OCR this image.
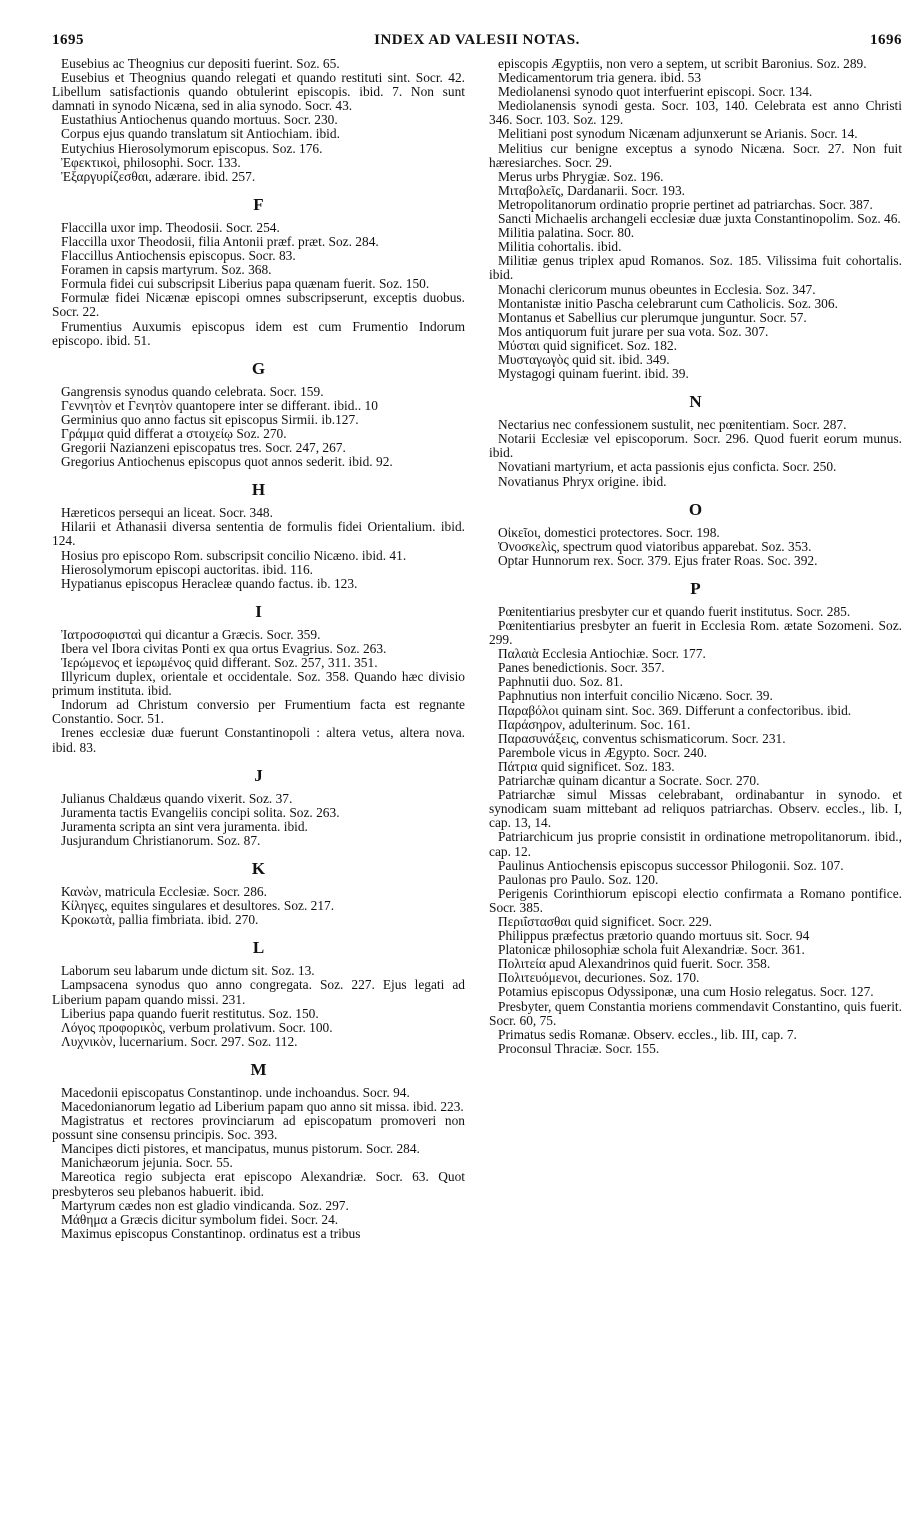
1695	INDEX AD VALESII NOTAS.	1696
Eusebius ac Theognius cur depositi fuerint. Soz. 65.
Eusebius et Theognius quando relegati et quando restituti sint. Socr. 42. Libellum satisfactionis quando obtulerint episcopis. ibid. 7. Non sunt damnati in synodo Nicæna, sed in alia synodo. Socr. 43.
Eustathius Antiochenus quando mortuus. Socr. 230.
Corpus ejus quando translatum sit Antiochiam. ibid.
Eutychius Hierosolymorum episcopus. Soz. 176.
Ἐφεκτικοὶ, philosophi. Socr. 133.
Ἐξαργυρίζεσθαι, adærare. ibid. 257.
F
Flaccilla uxor imp. Theodosii. Socr. 254.
Flaccilla uxor Theodosii, filia Antonii præf. præt. Soz. 284.
Flaccillus Antiochensis episcopus. Socr. 83.
Foramen in capsis martyrum. Soz. 368.
Formula fidei cui subscripsit Liberius papa quænam fuerit. Soz. 150.
Formulæ fidei Nicænæ episcopi omnes subscripserunt, exceptis duobus. Socr. 22.
Frumentius Auxumis episcopus idem est cum Frumentio Indorum episcopo. ibid. 51.
G
Gangrensis synodus quando celebrata. Socr. 159.
Γεννητὸν et Γενητὸν quantopere inter se differant. ibid.. 10
Germinius quo anno factus sit episcopus Sirmii. ib.127.
Γράμμα quid differat a στοιχείῳ Soz. 270.
Gregorii Nazianzeni episcopatus tres. Socr. 247, 267.
Gregorius Antiochenus episcopus quot annos sederit. ibid. 92.
H
Hæreticos persequi an liceat. Socr. 348.
Hilarii et Athanasii diversa sententia de formulis fidei Orientalium. ibid. 124.
Hosius pro episcopo Rom. subscripsit concilio Nicæno. ibid. 41.
Hierosolymorum episcopi auctoritas. ibid. 116.
Hypatianus episcopus Heracleæ quando factus. ib. 123.
I
Ἰατροσοφισταὶ qui dicantur a Græcis. Socr. 359.
Ibera vel Ibora civitas Ponti ex qua ortus Evagrius. Soz. 263.
Ἱερώμενος et ἱερωμένος quid differant. Soz. 257, 311. 351.
Illyricum duplex, orientale et occidentale. Soz. 358. Quando hæc divisio primum instituta. ibid.
Indorum ad Christum conversio per Frumentium facta est regnante Constantio. Socr. 51.
Irenes ecclesiæ duæ fuerunt Constantinopoli : altera vetus, altera nova. ibid. 83.
J
Julianus Chaldæus quando vixerit. Soz. 37.
Juramenta tactis Evangeliis concipi solita. Soz. 263.
Juramenta scripta an sint vera juramenta. ibid.
Jusjurandum Christianorum. Soz. 87.
K
Κανὼν, matricula Ecclesiæ. Socr. 286.
Κίληγες, equites singulares et desultores. Soz. 217.
Κροκωτὰ, pallia fimbriata. ibid. 270.
L
Laborum seu labarum unde dictum sit. Soz. 13.
Lampsacena synodus quo anno congregata. Soz. 227. Ejus legati ad Liberium papam quando missi. 231.
Liberius papa quando fuerit restitutus. Soz. 150.
Λόγος προφορικὸς, verbum prolativum. Socr. 100.
Λυχνικὸν, lucernarium. Socr. 297. Soz. 112.
M
Macedonii episcopatus Constantinop. unde inchoandus. Socr. 94.
Macedonianorum legatio ad Liberium papam quo anno sit missa. ibid. 223.
Magistratus et rectores provinciarum ad episcopatum promoveri non possunt sine consensu principis. Soc. 393.
Mancipes dicti pistores, et mancipatus, munus pistorum. Socr. 284.
Manichæorum jejunia. Socr. 55.
Mareotica regio subjecta erat episcopo Alexandriæ. Socr. 63. Quot presbyteros seu plebanos habuerit. ibid.
Martyrum cædes non est gladio vindicanda. Soz. 297.
Μάθημα a Græcis dicitur symbolum fidei. Socr. 24.
Maximus episcopus Constantinop. ordinatus est a tribus
episcopis Ægyptiis, non vero a septem, ut scribit Baronius. Soz. 289.
Medicamentorum tria genera. ibid. 53
Mediolanensi synodo quot interfuerint episcopi. Socr. 134.
Mediolanensis synodi gesta. Socr. 103, 140. Celebrata est anno Christi 346. Socr. 103. Soz. 129.
Melitiani post synodum Nicænam adjunxerunt se Arianis. Socr. 14.
Melitius cur benigne exceptus a synodo Nicæna. Socr. 27. Non fuit hæresiarches. Socr. 29.
Merus urbs Phrygiæ. Soz. 196.
Μιταβολεῖς, Dardanarii. Socr. 193.
Metropolitanorum ordinatio proprie pertinet ad patriarchas. Socr. 387.
Sancti Michaelis archangeli ecclesiæ duæ juxta Constantinopolim. Soz. 46.
Militia palatina. Socr. 80.
Militia cohortalis. ibid.
Militiæ genus triplex apud Romanos. Soz. 185. Vilissima fuit cohortalis. ibid.
Monachi clericorum munus obeuntes in Ecclesia. Soz. 347.
Montanistæ initio Pascha celebrarunt cum Catholicis. Soz. 306.
Montanus et Sabellius cur plerumque junguntur. Socr. 57.
Mos antiquorum fuit jurare per sua vota. Soz. 307.
Μύσται quid significet. Soz. 182.
Μυσταγωγὸς quid sit. ibid. 349.
Mystagogi quinam fuerint. ibid. 39.
N
Nectarius nec confessionem sustulit, nec pœnitentiam. Socr. 287.
Notarii Ecclesiæ vel episcoporum. Socr. 296. Quod fuerit eorum munus. ibid.
Novatiani martyrium, et acta passionis ejus conficta. Socr. 250.
Novatianus Phryx origine. ibid.
O
Οἰκεῖοι, domestici protectores. Socr. 198.
Ὀνοσκελὶς, spectrum quod viatoribus apparebat. Soz. 353.
Optar Hunnorum rex. Socr. 379. Ejus frater Roas. Soc. 392.
P
Pœnitentiarius presbyter cur et quando fuerit institutus. Socr. 285.
Pœnitentiarius presbyter an fuerit in Ecclesia Rom. ætate Sozomeni. Soz. 299.
Παλαιὰ Ecclesia Antiochiæ. Socr. 177.
Panes benedictionis. Socr. 357.
Paphnutii duo. Soz. 81.
Paphnutius non interfuit concilio Nicæno. Socr. 39.
Παραβόλοι quinam sint. Soc. 369. Differunt a confectoribus. ibid.
Παράσηρον, adulterinum. Soc. 161.
Παρασυνάξεις, conventus schismaticorum. Socr. 231.
Parembole vicus in Ægypto. Socr. 240.
Πάτρια quid significet. Soz. 183.
Patriarchæ quinam dicantur a Socrate. Socr. 270.
Patriarchæ simul Missas celebrabant, ordinabantur in synodo. et synodicam suam mittebant ad reliquos patriarchas. Observ. eccles., lib. I, cap. 13, 14.
Patriarchicum jus proprie consistit in ordinatione metropolitanorum. ibid., cap. 12.
Paulinus Antiochensis episcopus successor Philogonii. Soz. 107.
Paulonas pro Paulo. Soz. 120.
Perigenis Corinthiorum episcopi electio confirmata a Romano pontifice. Socr. 385.
Περιΐστασθαι quid significet. Socr. 229.
Philippus præfectus prætorio quando mortuus sit. Socr. 94
Platonicæ philosophiæ schola fuit Alexandriæ. Socr. 361.
Πολιτεία apud Alexandrinos quid fuerit. Socr. 358.
Πολιτευόμενοι, decuriones. Soz. 170.
Potamius episcopus Odyssiponæ, una cum Hosio relegatus. Socr. 127.
Presbyter, quem Constantia moriens commendavit Constantino, quis fuerit. Socr. 60, 75.
Primatus sedis Romanæ. Observ. eccles., lib. III, cap. 7.
Proconsul Thraciæ. Socr. 155.
